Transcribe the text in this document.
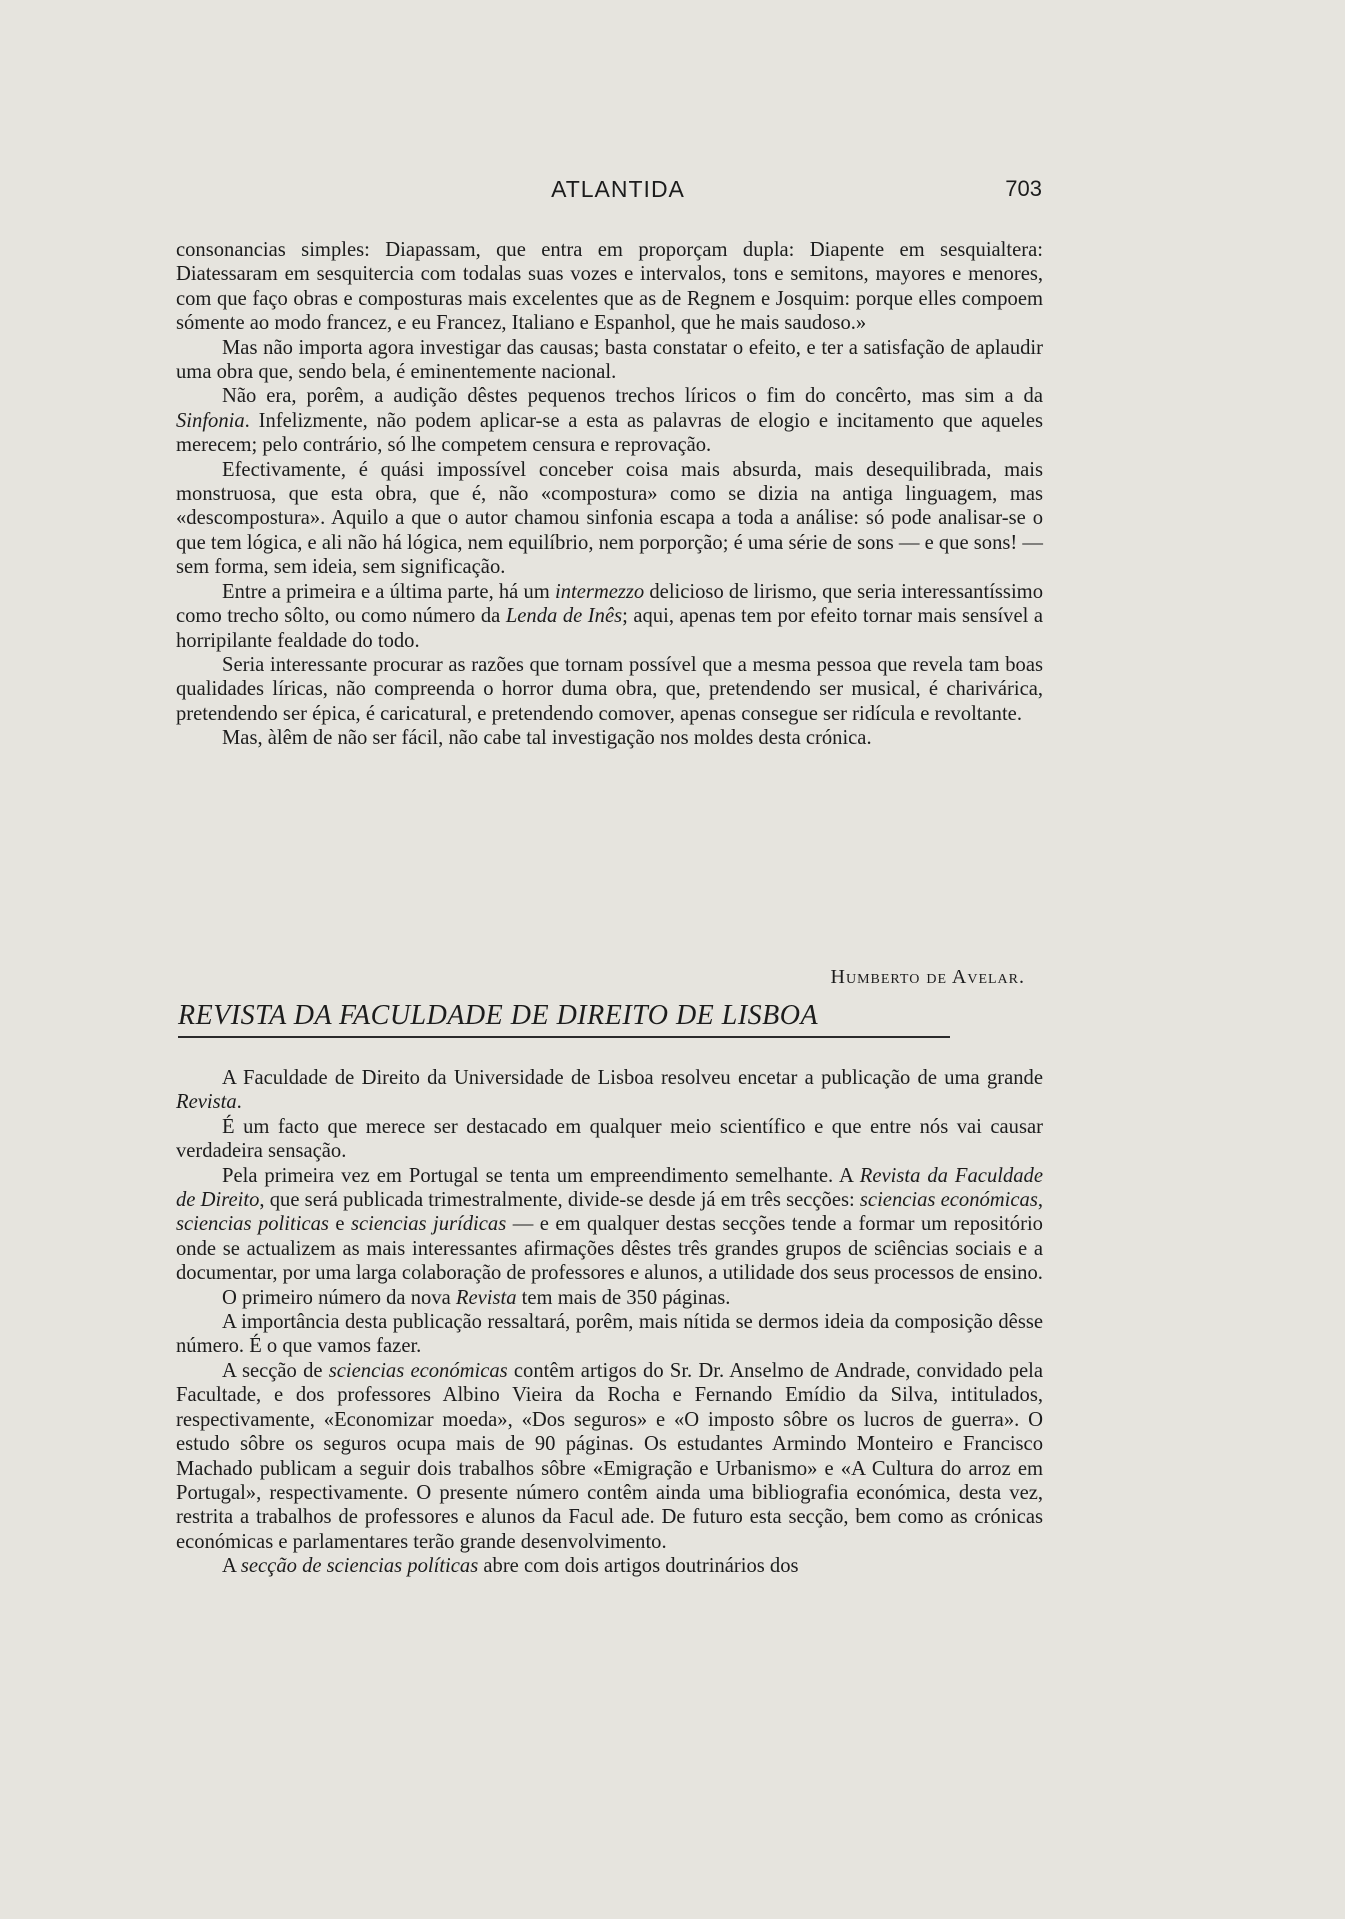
ATLANTIDA	703

consonancias simples: Diapassam, que entra em proporçam dupla: Diapente em sesquialtera: Diatessaram em sesquitercia com todalas suas vozes e intervalos, tons e semitons, mayores e menores, com que faço obras e composturas mais excelentes que as de Regnem e Josquim: porque elles compoem sómente ao modo francez, e eu Francez, Italiano e Espanhol, que he mais saudoso.»

Mas não importa agora investigar das causas; basta constatar o efeito, e ter a satisfação de aplaudir uma obra que, sendo bela, é eminentemente nacional.

Não era, porêm, a audição dêstes pequenos trechos líricos o fim do concêrto, mas sim a da Sinfonia. Infelizmente, não podem aplicar-se a esta as palavras de elogio e incitamento que aqueles merecem; pelo contrário, só lhe competem censura e reprovação.

Efectivamente, é quási impossível conceber coisa mais absurda, mais desequilibrada, mais monstruosa, que esta obra, que é, não «compostura» como se dizia na antiga linguagem, mas «descompostura». Aquilo a que o autor chamou sinfonia escapa a toda a análise: só pode analisar-se o que tem lógica, e ali não há lógica, nem equilíbrio, nem porporção; é uma série de sons — e que sons! — sem forma, sem ideia, sem significação.

Entre a primeira e a última parte, há um intermezzo delicioso de lirismo, que seria interessantíssimo como trecho sôlto, ou como número da Lenda de Inês; aqui, apenas tem por efeito tornar mais sensível a horripilante fealdade do todo.

Seria interessante procurar as razões que tornam possível que a mesma pessoa que revela tam boas qualidades líricas, não compreenda o horror duma obra, que, pretendendo ser musical, é charivárica, pretendendo ser épica, é caricatural, e pretendendo comover, apenas consegue ser ridícula e revoltante.

Mas, àlêm de não ser fácil, não cabe tal investigação nos moldes desta crónica.

Humberto de Avelar.
REVISTA DA FACULDADE DE DIREITO DE LISBOA

A Faculdade de Direito da Universidade de Lisboa resolveu encetar a publicação de uma grande Revista.

É um facto que merece ser destacado em qualquer meio scientífico e que entre nós vai causar verdadeira sensação.

Pela primeira vez em Portugal se tenta um empreendimento semelhante. A Revista da Faculdade de Direito, que será publicada trimestralmente, divide-se desde já em três secções: sciencias económicas, sciencias politicas e sciencias jurídicas — e em qualquer destas secções tende a formar um repositório onde se actualizem as mais interessantes afirmações dêstes três grandes grupos de sciências sociais e a documentar, por uma larga colaboração de professores e alunos, a utilidade dos seus processos de ensino.

O primeiro número da nova Revista tem mais de 350 páginas.

A importância desta publicação ressaltará, porêm, mais nítida se dermos ideia da composição dêsse número. É o que vamos fazer.

A secção de sciencias económicas contêm artigos do Sr. Dr. Anselmo de Andrade, convidado pela Facultade, e dos professores Albino Vieira da Rocha e Fernando Emídio da Silva, intitulados, respectivamente, «Economizar moeda», «Dos seguros» e «O imposto sôbre os lucros de guerra». O estudo sôbre os seguros ocupa mais de 90 páginas. Os estudantes Armindo Monteiro e Francisco Machado publicam a seguir dois trabalhos sôbre «Emigração e Urbanismo» e «A Cultura do arroz em Portugal», respectivamente. O presente número contêm ainda uma bibliografia económica, desta vez, restrita a trabalhos de professores e alunos da Facul ade. De futuro esta secção, bem como as crónicas económicas e parlamentares terão grande desenvolvimento.

A secção de sciencias políticas abre com dois artigos doutrinários dos
